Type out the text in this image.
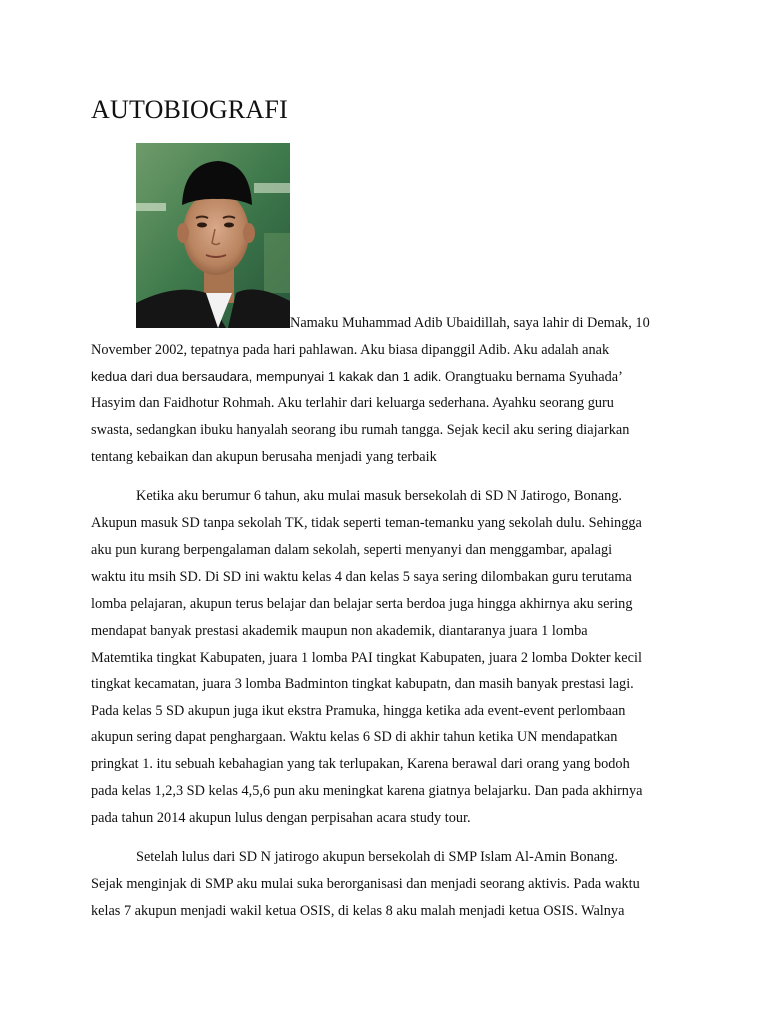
AUTOBIOGRAFI
Namaku Muhammad Adib Ubaidillah, saya lahir di Demak, 10
November 2002, tepatnya pada hari pahlawan. Aku biasa dipanggil Adib. Aku adalah anak
kedua dari dua bersaudara, mempunyai 1 kakak dan 1 adik. Orangtuaku bernama Syuhada’
Hasyim dan Faidhotur Rohmah. Aku terlahir dari keluarga sederhana. Ayahku seorang guru
swasta, sedangkan ibuku hanyalah seorang ibu rumah tangga. Sejak kecil aku sering diajarkan
tentang kebaikan dan akupun berusaha menjadi yang terbaik
Ketika aku berumur 6 tahun, aku mulai masuk bersekolah di SD N Jatirogo, Bonang.
Akupun masuk SD tanpa sekolah TK, tidak seperti teman-temanku yang sekolah dulu. Sehingga
aku pun kurang berpengalaman dalam sekolah, seperti menyanyi dan menggambar, apalagi
waktu itu msih SD. Di SD ini waktu kelas 4 dan kelas 5 saya sering dilombakan guru terutama
lomba pelajaran, akupun terus belajar dan belajar serta berdoa juga hingga akhirnya aku sering
mendapat banyak prestasi akademik maupun non akademik, diantaranya juara 1 lomba
Matemtika tingkat Kabupaten, juara 1 lomba PAI tingkat Kabupaten, juara 2 lomba Dokter kecil
tingkat kecamatan, juara 3 lomba Badminton tingkat kabupatn, dan masih banyak prestasi lagi.
Pada kelas 5 SD akupun juga ikut ekstra Pramuka, hingga ketika ada event-event perlombaan
akupun sering dapat penghargaan. Waktu kelas 6 SD di akhir tahun ketika UN mendapatkan
pringkat 1. itu sebuah kebahagian yang tak terlupakan, Karena berawal dari orang yang bodoh
pada kelas 1,2,3 SD kelas 4,5,6 pun aku meningkat karena giatnya belajarku. Dan pada akhirnya
pada tahun 2014 akupun lulus dengan perpisahan acara study tour.
Setelah lulus dari SD N jatirogo akupun bersekolah di SMP Islam Al-Amin Bonang.
Sejak menginjak di SMP aku mulai suka berorganisasi dan menjadi seorang aktivis. Pada waktu
kelas 7 akupun menjadi wakil ketua OSIS, di kelas 8 aku malah menjadi ketua OSIS. Walnya
